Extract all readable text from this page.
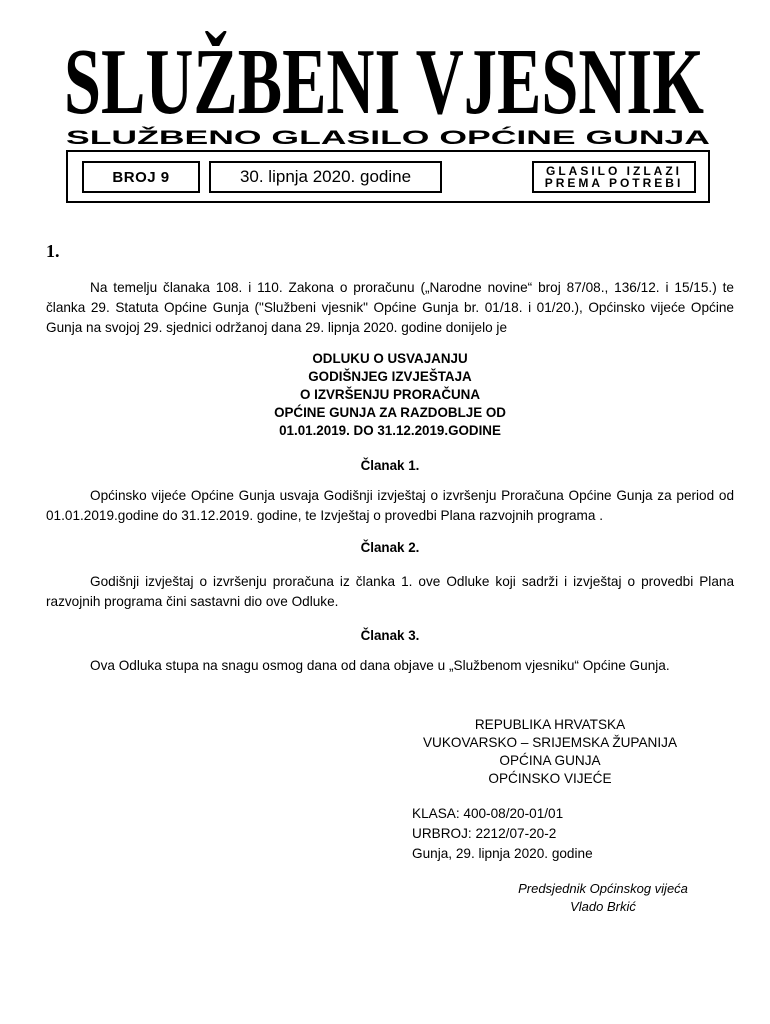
SLUŽBENI VJESNIK
SLUŽBENO GLASILO OPĆINE GUNJA
BROJ 9	30. lipnja 2020. godine	GLASILO IZLAZI
PREMA POTREBI
1.
Na temelju članaka 108. i 110. Zakona o proračunu („Narodne novine“ broj 87/08., 136/12. i 15/15.) te članka 29. Statuta Općine Gunja ("Službeni vjesnik" Općine Gunja br. 01/18. i 01/20.), Općinsko vijeće Općine Gunja na svojoj 29. sjednici održanoj dana 29. lipnja 2020. godine donijelo je
ODLUKU O USVAJANJU
GODIŠNJEG IZVJEŠTAJA
O IZVRŠENJU PRORAČUNA
OPĆINE GUNJA ZA RAZDOBLJE OD
01.01.2019. DO 31.12.2019.GODINE
Članak 1.
Općinsko vijeće Općine Gunja usvaja Godišnji izvještaj o izvršenju Proračuna Općine Gunja za period od 01.01.2019.godine do 31.12.2019. godine, te Izvještaj o provedbi Plana razvojnih programa .
Članak 2.
Godišnji izvještaj o izvršenju proračuna iz članka 1. ove Odluke koji sadrži i izvještaj o provedbi Plana razvojnih programa čini sastavni dio ove Odluke.
Članak 3.
Ova Odluka stupa na snagu osmog dana od dana objave u „Službenom vjesniku“ Općine Gunja.
REPUBLIKA HRVATSKA
VUKOVARSKO – SRIJEMSKA ŽUPANIJA
OPĆINA GUNJA
OPĆINSKO VIJEĆE
KLASA: 400-08/20-01/01
URBROJ: 2212/07-20-2
Gunja, 29. lipnja 2020. godine
Predsjednik Općinskog vijeća
Vlado Brkić
